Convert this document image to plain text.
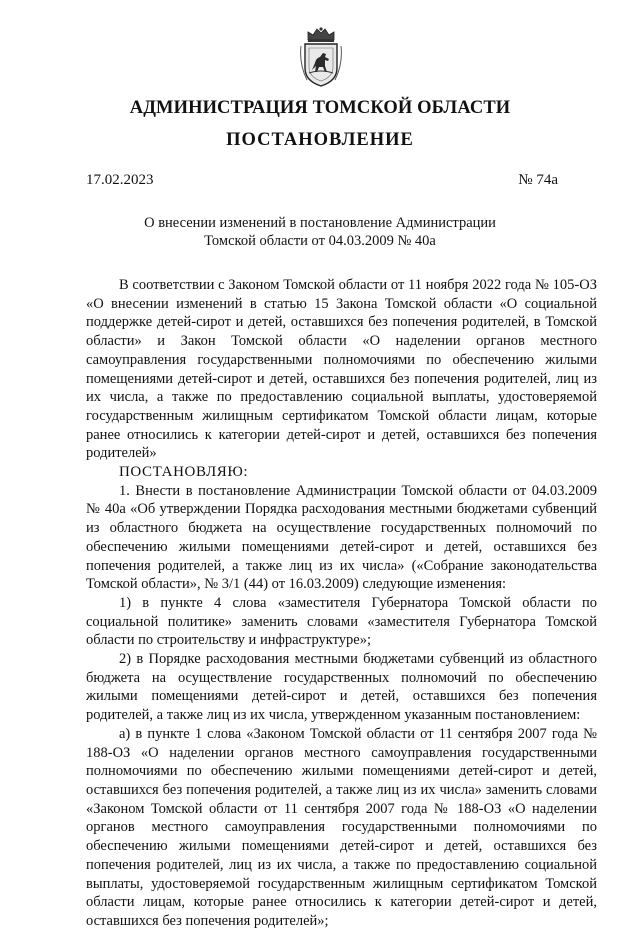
АДМИНИСТРАЦИЯ ТОМСКОЙ ОБЛАСТИ
ПОСТАНОВЛЕНИЕ
17.02.2023	№ 74а
О внесении изменений в постановление Администрации
Томской области от 04.03.2009 № 40а

В соответствии с Законом Томской области от 11 ноября 2022 года № 105-ОЗ «О внесении изменений в статью 15 Закона Томской области «О социальной поддержке детей-сирот и детей, оставшихся без попечения родителей, в Томской области» и Закон Томской области «О наделении органов местного самоуправления государственными полномочиями по обеспечению жилыми помещениями детей-сирот и детей, оставшихся без попечения родителей, лиц из их числа, а также по предоставлению социальной выплаты, удостоверяемой государственным жилищным сертификатом Томской области лицам, которые ранее относились к категории детей-сирот и детей, оставшихся без попечения родителей»

ПОСТАНОВЛЯЮ:

1. Внести в постановление Администрации Томской области от 04.03.2009 № 40а «Об утверждении Порядка расходования местными бюджетами субвенций из областного бюджета на осуществление государственных полномочий по обеспечению жилыми помещениями детей-сирот и детей, оставшихся без попечения родителей, а также лиц из их числа» («Собрание законодательства Томской области», № 3/1 (44) от 16.03.2009) следующие изменения:

1) в пункте 4 слова «заместителя Губернатора Томской области по социальной политике» заменить словами «заместителя Губернатора Томской области по строительству и инфраструктуре»;

2) в Порядке расходования местными бюджетами субвенций из областного бюджета на осуществление государственных полномочий по обеспечению жилыми помещениями детей-сирот и детей, оставшихся без попечения родителей, а также лиц из их числа, утвержденном указанным постановлением:

а) в пункте 1 слова «Законом Томской области от 11 сентября 2007 года № 188-ОЗ «О наделении органов местного самоуправления государственными полномочиями по обеспечению жилыми помещениями детей-сирот и детей, оставшихся без попечения родителей, а также лиц из их числа» заменить словами «Законом Томской области от 11 сентября 2007 года № 188-ОЗ «О наделении органов местного самоуправления государственными полномочиями по обеспечению жилыми помещениями детей-сирот и детей, оставшихся без попечения родителей, лиц из их числа, а также по предоставлению социальной выплаты, удостоверяемой государственным жилищным сертификатом Томской области лицам, которые ранее относились к категории детей-сирот и детей, оставшихся без попечения родителей»;
